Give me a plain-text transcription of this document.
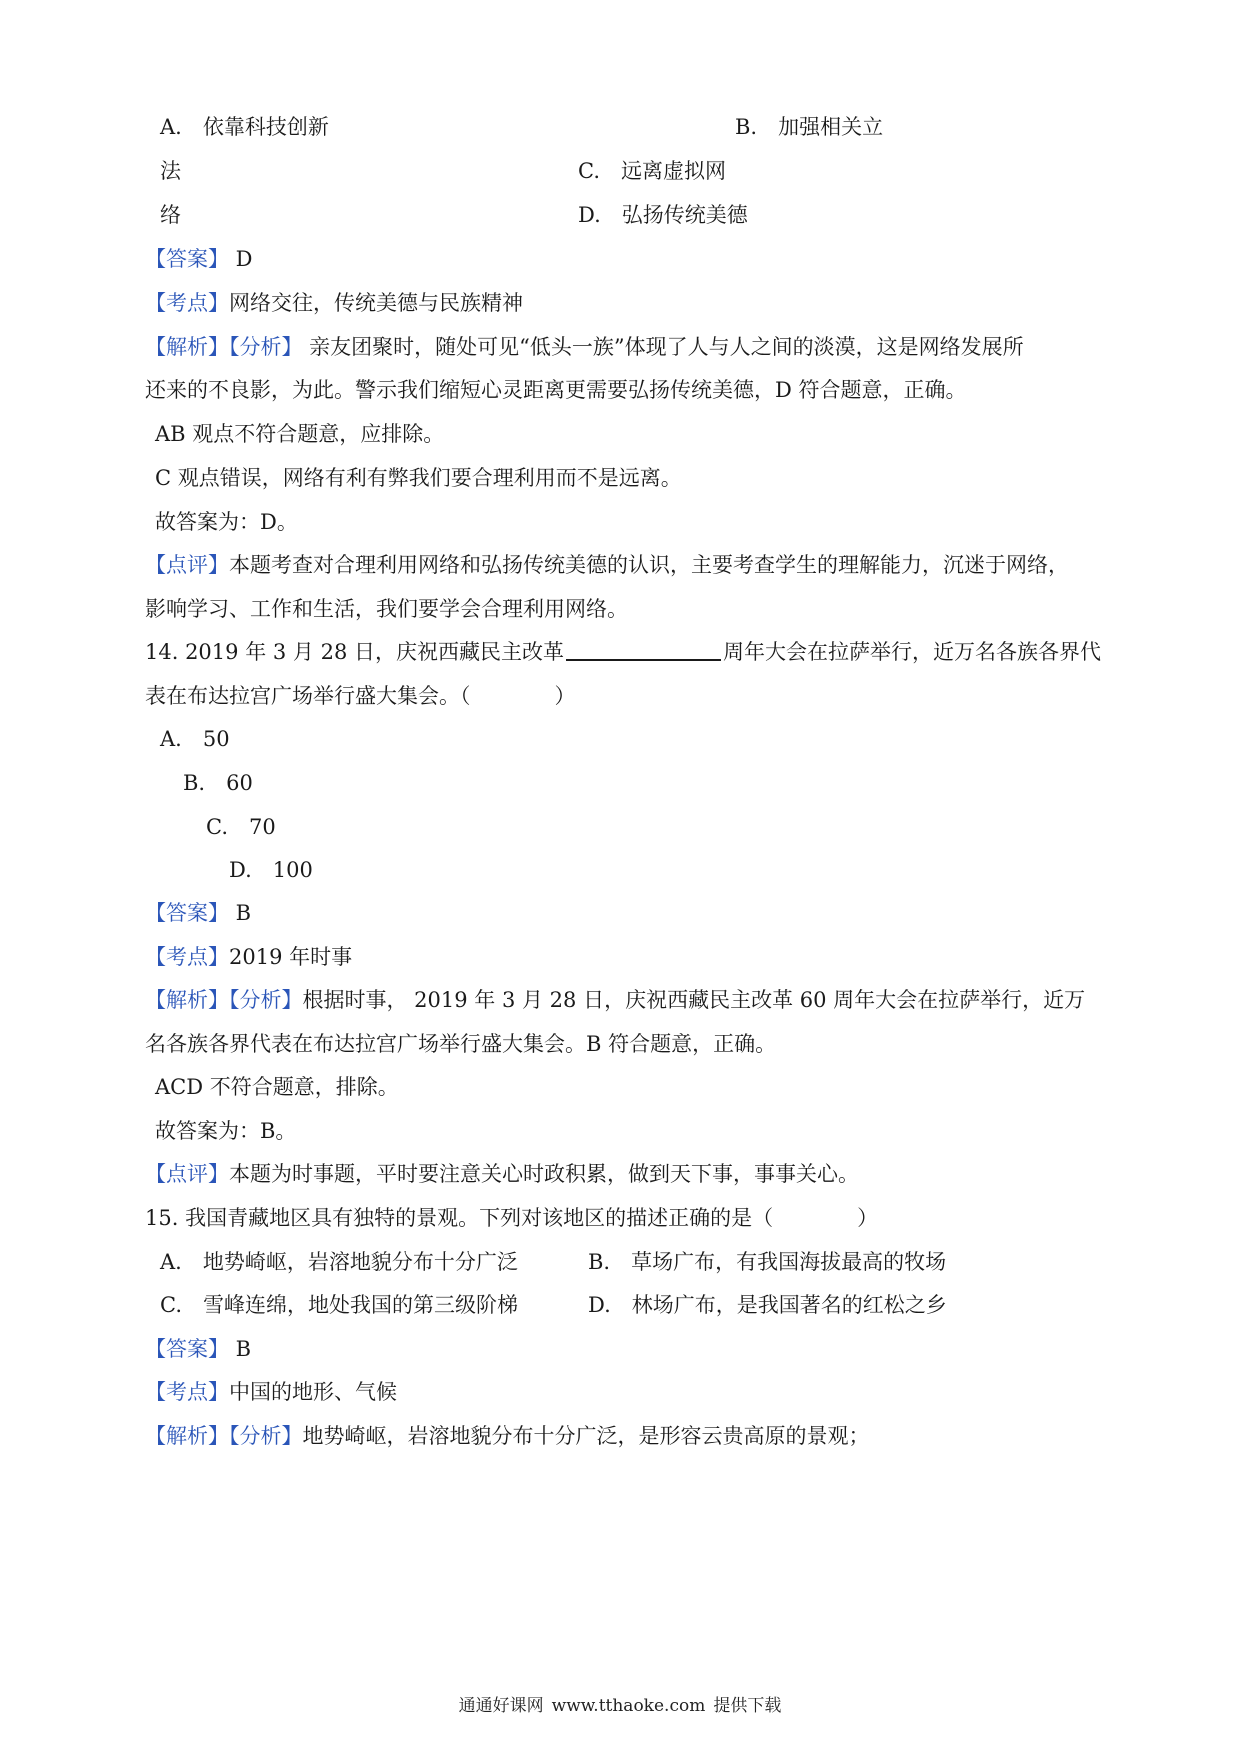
A.　依靠科技创新	B.　加强相关立
法	C.　远离虚拟网
络	D.　弘扬传统美德
【答案】 D
【考点】网络交往，传统美德与民族精神
【解析】【分析】 亲友团聚时，随处可见“低头一族”体现了人与人之间的淡漠，这是网络发展所
还来的不良影，为此。警示我们缩短心灵距离更需要弘扬传统美德，D 符合题意，正确。
AB 观点不符合题意，应排除。
C 观点错误，网络有利有弊我们要合理利用而不是远离。
故答案为：D。
【点评】本题考查对合理利用网络和弘扬传统美德的认识，主要考查学生的理解能力，沉迷于网络，
影响学习、工作和生活，我们要学会合理利用网络。
14. 2019 年 3 月 28 日，庆祝西藏民主改革	周年大会在拉萨举行，近万名各族各界代
表在布达拉宫广场举行盛大集会。（　　　　）
A.　50
B.　60
C.　70
D.　100
【答案】 B
【考点】2019 年时事
【解析】【分析】根据时事， 2019 年 3 月 28 日，庆祝西藏民主改革 60 周年大会在拉萨举行，近万
名各族各界代表在布达拉宫广场举行盛大集会。B 符合题意，正确。
ACD 不符合题意，排除。
故答案为：B。
【点评】本题为时事题，平时要注意关心时政积累，做到天下事，事事关心。
15. 我国青藏地区具有独特的景观。下列对该地区的描述正确的是（　　　　）
A.　地势崎岖，岩溶地貌分布十分广泛	B.　草场广布，有我国海拔最高的牧场
C.　雪峰连绵，地处我国的第三级阶梯	D.　林场广布，是我国著名的红松之乡
【答案】 B
【考点】中国的地形、气候
【解析】【分析】地势崎岖，岩溶地貌分布十分广泛，是形容云贵高原的景观；
通通好课网 www.tthaoke.com 提供下载
